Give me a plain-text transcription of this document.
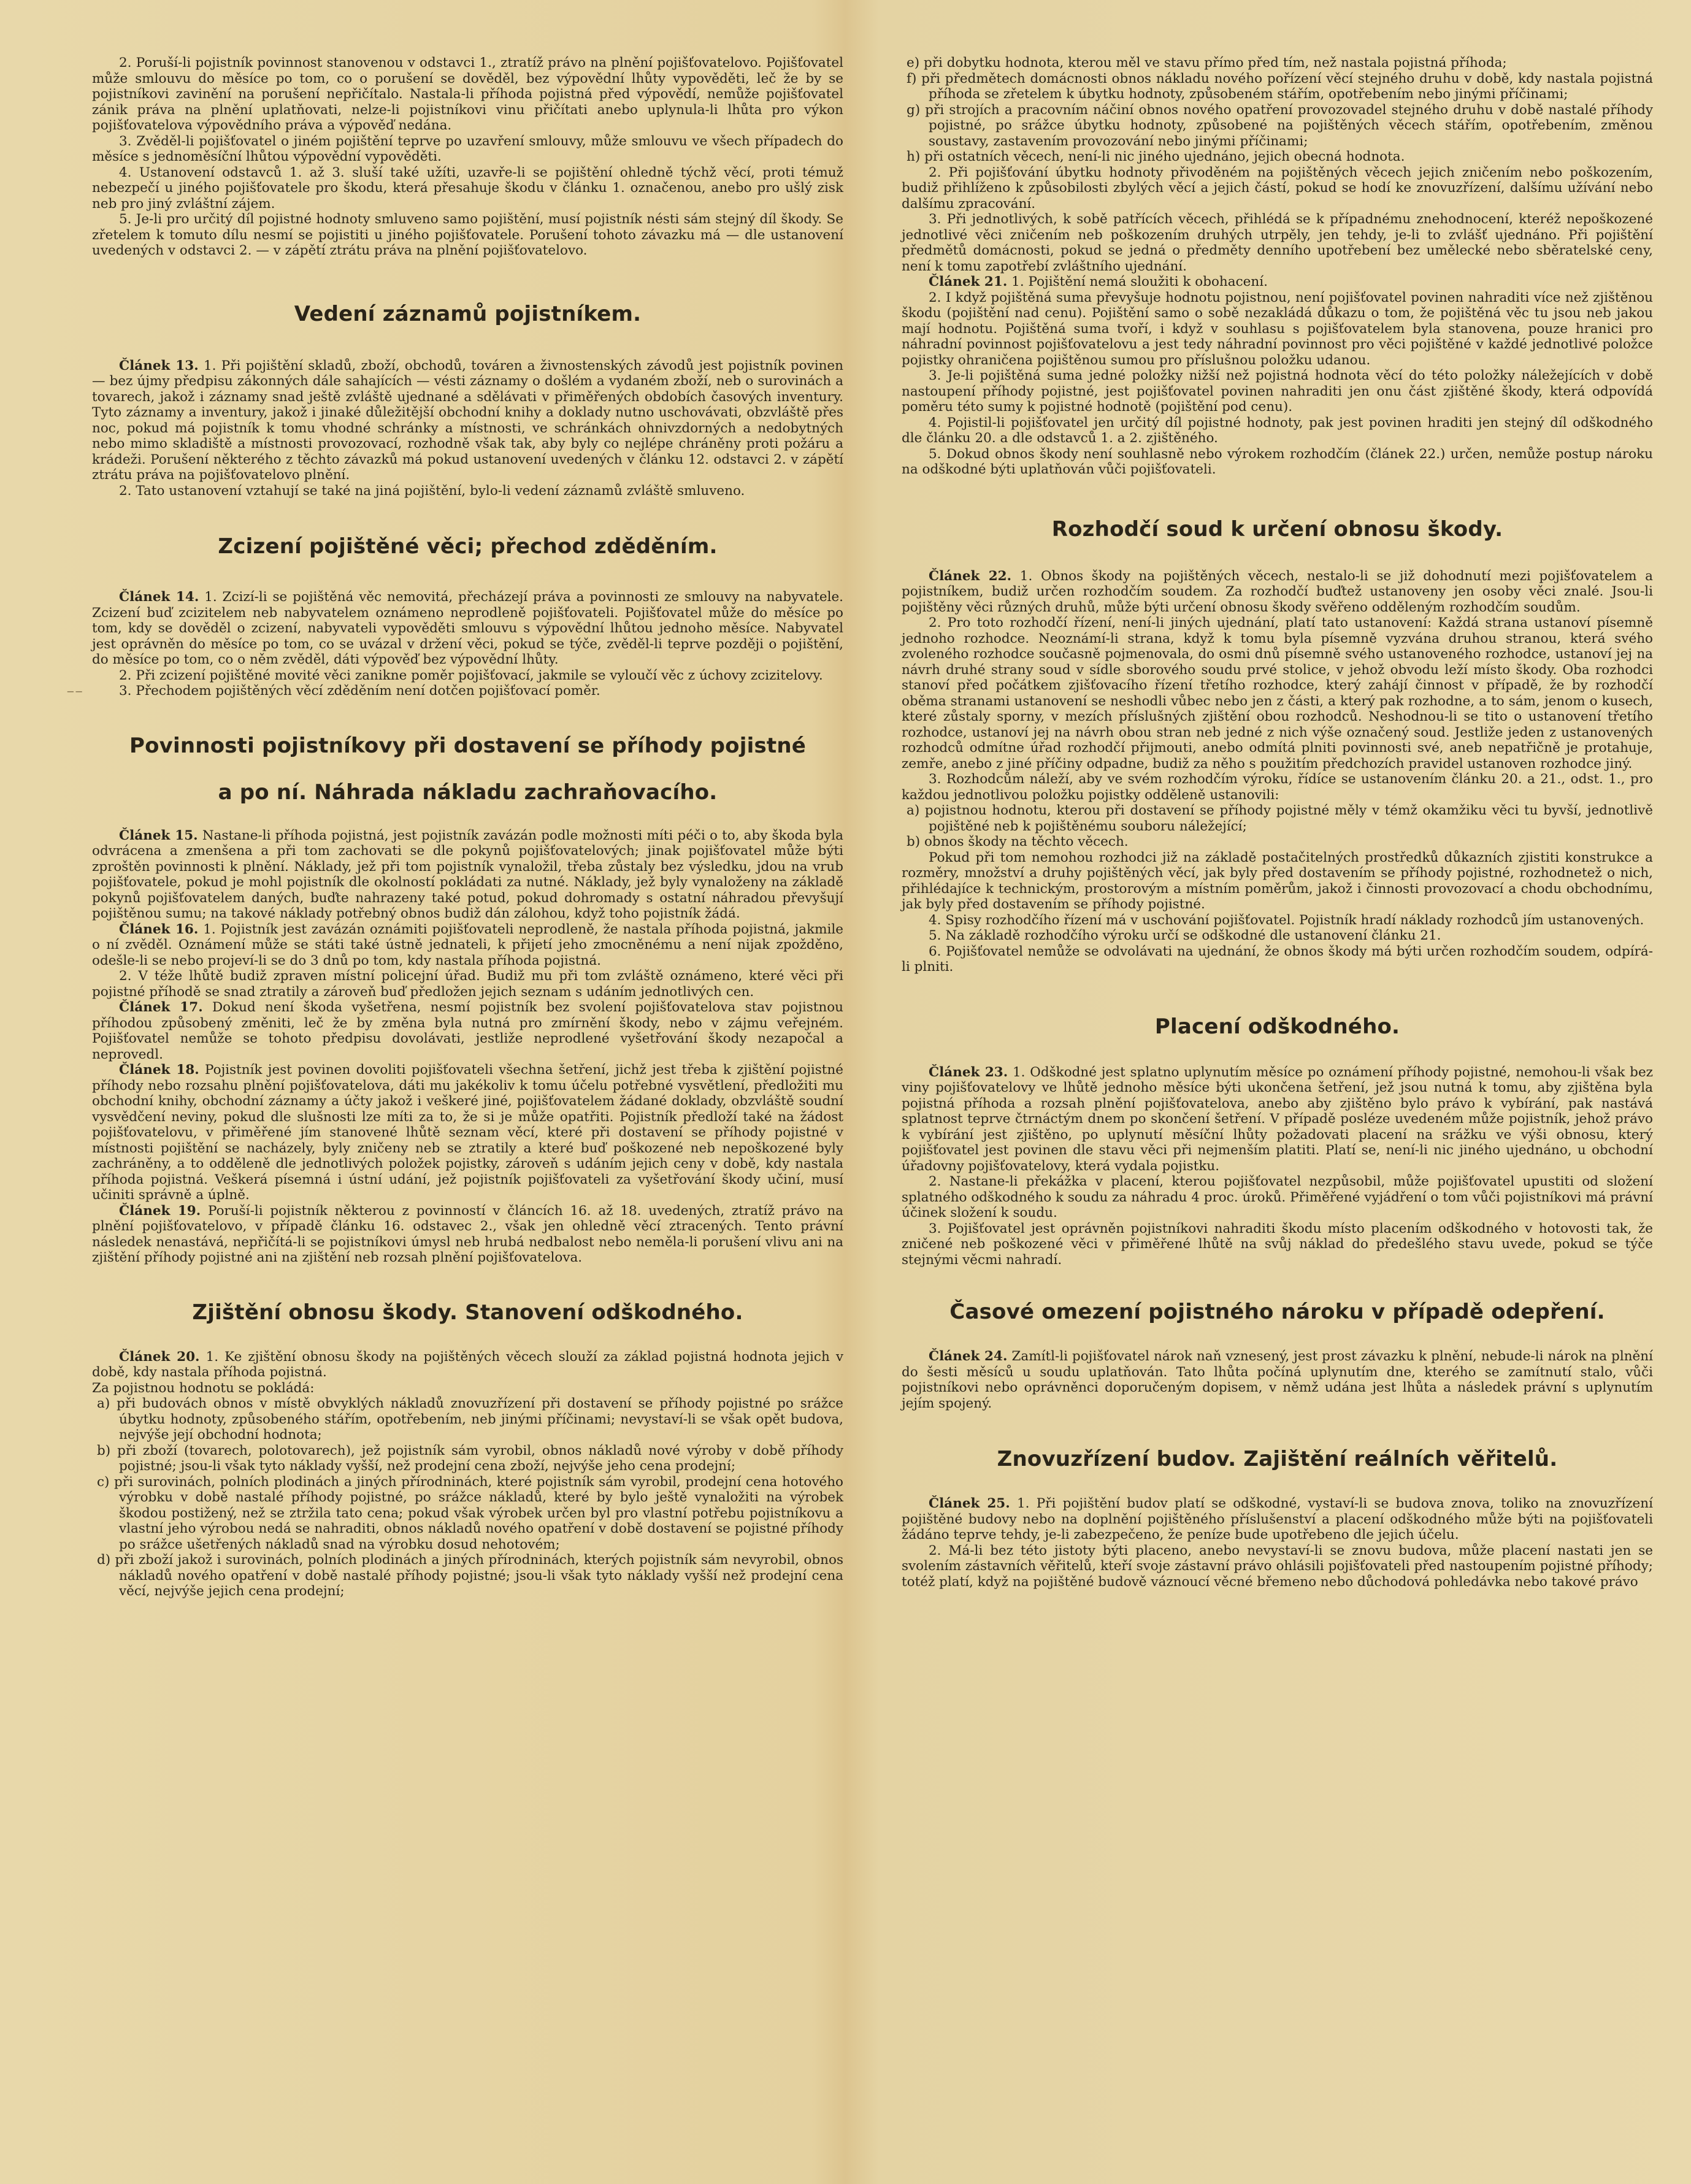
2. Poruší-li pojistník povinnost stanovenou v odstavci 1., ztratíž právo na plnění pojišťovatelovo. Pojišťovatel může smlouvu do měsíce po tom, co o porušení se dověděl, bez výpovědní lhůty vypověděti, leč že by se pojistníkovi zavinění na porušení nepřičítalo. Nastala-li příhoda pojistná před výpovědí, nemůže pojišťovatel zánik práva na plnění uplatňovati, nelze-li pojistníkovi vinu přičítati anebo uplynula-li lhůta pro výkon pojišťovatelova výpovědního práva a výpověď nedána.

3. Zvěděl-li pojišťovatel o jiném pojištění teprve po uzavření smlouvy, může smlouvu ve všech případech do měsíce s jednoměsíční lhůtou výpovědní vypověděti.

4. Ustanovení odstavců 1. až 3. sluší také užíti, uzavře-li se pojištění ohledně týchž věcí, proti témuž nebezpečí u jiného pojišťovatele pro škodu, která přesahuje škodu v článku 1. označenou, anebo pro ušlý zisk neb pro jiný zvláštní zájem.

5. Je-li pro určitý díl pojistné hodnoty smluveno samo pojištění, musí pojistník nésti sám stejný díl škody. Se zřetelem k tomuto dílu nesmí se pojistiti u jiného pojišťovatele. Porušení tohoto závazku má — dle ustanovení uvedených v odstavci 2. — v zápětí ztrátu práva na plnění pojišťovatelovo.

Vedení záznamů pojistníkem.

Článek 13. 1. Při pojištění skladů, zboží, obchodů, továren a živnostenských závodů jest pojistník povinen — bez újmy předpisu zákonných dále sahajících — vésti záznamy o došlém a vydaném zboží, neb o surovinách a tovarech, jakož i záznamy snad ještě zvláště ujednané a sdělávati v přiměřených obdobích časových inventury. Tyto záznamy a inventury, jakož i jinaké důležitější obchodní knihy a doklady nutno uschovávati, obzvláště přes noc, pokud má pojistník k tomu vhodné schránky a místnosti, ve schránkách ohnivzdorných a nedobytných nebo mimo skladiště a místnosti provozovací, rozhodně však tak, aby byly co nejlépe chráněny proti požáru a krádeži. Porušení některého z těchto závazků má pokud ustanovení uvedených v článku 12. odstavci 2. v zápětí ztrátu práva na pojišťovatelovo plnění.

2. Tato ustanovení vztahují se také na jiná pojištění, bylo-li vedení záznamů zvláště smluveno.

Zcizení pojištěné věci; přechod zděděním.

Článek 14. 1. Zcizí-li se pojištěná věc nemovitá, přecházejí práva a povinnosti ze smlouvy na nabyvatele. Zcizení buď zcizitelem neb nabyvatelem oznámeno neprodleně pojišťovateli. Pojišťovatel může do měsíce po tom, kdy se dověděl o zcizení, nabyvateli vypověděti smlouvu s výpovědní lhůtou jednoho měsíce. Nabyvatel jest oprávněn do měsíce po tom, co se uvázal v držení věci, pokud se týče, zvěděl-li teprve později o pojištění, do měsíce po tom, co o něm zvěděl, dáti výpověď bez výpovědní lhůty.

2. Při zcizení pojištěné movité věci zanikne poměr pojišťovací, jakmile se vyloučí věc z úchovy zcizitelovy.

3. Přechodem pojištěných věcí zděděním není dotčen pojišťovací poměr.

Povinnosti pojistníkovy při dostavení se příhody pojistné
a po ní. Náhrada nákladu zachraňovacího.

Článek 15. Nastane-li příhoda pojistná, jest pojistník zavázán podle možnosti míti péči o to, aby škoda byla odvrácena a zmenšena a při tom zachovati se dle pokynů pojišťovatelových; jinak pojišťovatel může býti zproštěn povinnosti k plnění. Náklady, jež při tom pojistník vynaložil, třeba zůstaly bez výsledku, jdou na vrub pojišťovatele, pokud je mohl pojistník dle okolností pokládati za nutné. Náklady, jež byly vynaloženy na základě pokynů pojišťovatelem daných, buďte nahrazeny také potud, pokud dohromady s ostatní náhradou převyšují pojištěnou sumu; na takové náklady potřebný obnos budiž dán zálohou, když toho pojistník žádá.

Článek 16. 1. Pojistník jest zavázán oznámiti pojišťovateli neprodleně, že nastala příhoda pojistná, jakmile o ní zvěděl. Oznámení může se státi také ústně jednateli, k přijetí jeho zmocněnému a není nijak zpožděno, odešle-li se nebo projeví-li se do 3 dnů po tom, kdy nastala příhoda pojistná.

2. V téže lhůtě budiž zpraven místní policejní úřad. Budiž mu při tom zvláště oznámeno, které věci při pojistné příhodě se snad ztratily a zároveň buď předložen jejich seznam s udáním jednotlivých cen.

Článek 17. Dokud není škoda vyšetřena, nesmí pojistník bez svolení pojišťovatelova stav pojistnou příhodou způsobený změniti, leč že by změna byla nutná pro zmírnění škody, nebo v zájmu veřejném. Pojišťovatel nemůže se tohoto předpisu dovolávati, jestliže neprodlené vyšetřování škody nezapočal a neprovedl.

Článek 18. Pojistník jest povinen dovoliti pojišťovateli všechna šetření, jichž jest třeba k zjištění pojistné příhody nebo rozsahu plnění pojišťovatelova, dáti mu jakékoliv k tomu účelu potřebné vysvětlení, předložiti mu obchodní knihy, obchodní záznamy a účty jakož i veškeré jiné, pojišťovatelem žádané doklady, obzvláště soudní vysvědčení neviny, pokud dle slušnosti lze míti za to, že si je může opatřiti. Pojistník předloží také na žádost pojišťovatelovu, v přiměřené jím stanovené lhůtě seznam věcí, které při dostavení se příhody pojistné v místnosti pojištění se nacházely, byly zničeny neb se ztratily a které buď poškozené neb nepoškozené byly zachráněny, a to odděleně dle jednotlivých položek pojistky, zároveň s udáním jejich ceny v době, kdy nastala příhoda pojistná. Veškerá písemná i ústní udání, jež pojistník pojišťovateli za vyšetřování škody učiní, musí učiniti správně a úplně.

Článek 19. Poruší-li pojistník některou z povinností v článcích 16. až 18. uvedených, ztratíž právo na plnění pojišťovatelovo, v případě článku 16. odstavec 2., však jen ohledně věcí ztracených. Tento právní následek nenastává, nepřičítá-li se pojistníkovi úmysl neb hrubá nedbalost nebo neměla-li porušení vlivu ani na zjištění příhody pojistné ani na zjištění neb rozsah plnění pojišťovatelova.

Zjištění obnosu škody. Stanovení odškodného.

Článek 20. 1. Ke zjištění obnosu škody na pojištěných věcech slouží za základ pojistná hodnota jejich v době, kdy nastala příhoda pojistná.

Za pojistnou hodnotu se pokládá:

a) při budovách obnos v místě obvyklých nákladů znovuzřízení při dostavení se příhody pojistné po srážce úbytku hodnoty, způsobeného stářím, opotřebením, neb jinými příčinami; nevystaví-li se však opět budova, nejvýše její obchodní hodnota;

b) při zboží (tovarech, polotovarech), jež pojistník sám vyrobil, obnos nákladů nové výroby v době příhody pojistné; jsou-li však tyto náklady vyšší, než prodejní cena zboží, nejvýše jeho cena prodejní;

c) při surovinách, polních plodinách a jiných přírodninách, které pojistník sám vyrobil, prodejní cena hotového výrobku v době nastalé příhody pojistné, po srážce nákladů, které by bylo ještě vynaložiti na výrobek škodou postižený, než se ztržila tato cena; pokud však výrobek určen byl pro vlastní potřebu pojistníkovu a vlastní jeho výrobou nedá se nahraditi, obnos nákladů nového opatření v době dostavení se pojistné příhody po srážce ušetřených nákladů snad na výrobku dosud nehotovém;

d) při zboží jakož i surovinách, polních plodinách a jiných přírodninách, kterých pojistník sám nevyrobil, obnos nákladů nového opatření v době nastalé příhody pojistné; jsou-li však tyto náklady vyšší než prodejní cena věcí, nejvýše jejich cena prodejní;

⁻⁻

e) při dobytku hodnota, kterou měl ve stavu přímo před tím, než nastala pojistná příhoda;

f) při předmětech domácnosti obnos nákladu nového pořízení věcí stejného druhu v době, kdy nastala pojistná příhoda se zřetelem k úbytku hodnoty, způsobeném stářím, opotřebením nebo jinými příčinami;

g) při strojích a pracovním náčiní obnos nového opatření provozovadel stejného druhu v době nastalé příhody pojistné, po srážce úbytku hodnoty, způsobené na pojištěných věcech stářím, opotřebením, změnou soustavy, zastavením provozování nebo jinými příčinami;

h) při ostatních věcech, není-li nic jiného ujednáno, jejich obecná hodnota.

2. Při pojišťování úbytku hodnoty přivoděném na pojištěných věcech jejich zničením nebo poškozením, budiž přihlíženo k způsobilosti zbylých věcí a jejich částí, pokud se hodí ke znovuzřízení, dalšímu užívání nebo dalšímu zpracování.

3. Při jednotlivých, k sobě patřících věcech, přihlédá se k případnému znehodnocení, kteréž nepoškozené jednotlivé věci zničením neb poškozením druhých utrpěly, jen tehdy, je-li to zvlášť ujednáno. Při pojištění předmětů domácnosti, pokud se jedná o předměty denního upotřebení bez umělecké nebo sběratelské ceny, není k tomu zapotřebí zvláštního ujednání.

Článek 21. 1. Pojištění nemá sloužiti k obohacení.

2. I když pojištěná suma převyšuje hodnotu pojistnou, není pojišťovatel povinen nahraditi více než zjištěnou škodu (pojištění nad cenu). Pojištění samo o sobě nezakládá důkazu o tom, že pojištěná věc tu jsou neb jakou mají hodnotu. Pojištěná suma tvoří, i když v souhlasu s pojišťovatelem byla stanovena, pouze hranici pro náhradní povinnost pojišťovatelovu a jest tedy náhradní povinnost pro věci pojištěné v každé jednotlivé položce pojistky ohraničena pojištěnou sumou pro příslušnou položku udanou.

3. Je-li pojištěná suma jedné položky nižší než pojistná hodnota věcí do této položky náležejících v době nastoupení příhody pojistné, jest pojišťovatel povinen nahraditi jen onu část zjištěné škody, která odpovídá poměru této sumy k pojistné hodnotě (pojištění pod cenu).

4. Pojistil-li pojišťovatel jen určitý díl pojistné hodnoty, pak jest povinen hraditi jen stejný díl odškodného dle článku 20. a dle odstavců 1. a 2. zjištěného.

5. Dokud obnos škody není souhlasně nebo výrokem rozhodčím (článek 22.) určen, nemůže postup nároku na odškodné býti uplatňován vůči pojišťovateli.

Rozhodčí soud k určení obnosu škody.

Článek 22. 1. Obnos škody na pojištěných věcech, nestalo-li se již dohodnutí mezi pojišťovatelem a pojistníkem, budiž určen rozhodčím soudem. Za rozhodčí buďtež ustanoveny jen osoby věci znalé. Jsou-li pojištěny věci různých druhů, může býti určení obnosu škody svěřeno odděleným rozhodčím soudům.

2. Pro toto rozhodčí řízení, není-li jiných ujednání, platí tato ustanovení: Každá strana ustanoví písemně jednoho rozhodce. Neoznámí-li strana, když k tomu byla písemně vyzvána druhou stranou, která svého zvoleného rozhodce současně pojmenovala, do osmi dnů písemně svého ustanoveného rozhodce, ustanoví jej na návrh druhé strany soud v sídle sborového soudu prvé stolice, v jehož obvodu leží místo škody. Oba rozhodci stanoví před počátkem zjišťovacího řízení třetího rozhodce, který zahájí činnost v případě, že by rozhodčí oběma stranami ustanovení se neshodli vůbec nebo jen z části, a který pak rozhodne, a to sám, jenom o kusech, které zůstaly sporny, v mezích příslušných zjištění obou rozhodců. Neshodnou-li se tito o ustanovení třetího rozhodce, ustanoví jej na návrh obou stran neb jedné z nich výše označený soud. Jestliže jeden z ustanovených rozhodců odmítne úřad rozhodčí přijmouti, anebo odmítá plniti povinnosti své, aneb nepatřičně je protahuje, zemře, anebo z jiné příčiny odpadne, budiž za něho s použitím předchozích pravidel ustanoven rozhodce jiný.

3. Rozhodcům náleží, aby ve svém rozhodčím výroku, řídíce se ustanovením článku 20. a 21., odst. 1., pro každou jednotlivou položku pojistky odděleně ustanovili:

a) pojistnou hodnotu, kterou při dostavení se příhody pojistné měly v témž okamžiku věci tu byvší, jednotlivě pojištěné neb k pojištěnému souboru náležející;

b) obnos škody na těchto věcech.

Pokud při tom nemohou rozhodci již na základě postačitelných prostředků důkazních zjistiti konstrukce a rozměry, množství a druhy pojištěných věcí, jak byly před dostavením se příhody pojistné, rozhodnetež o nich, přihlédajíce k technickým, prostorovým a místním poměrům, jakož i činnosti provozovací a chodu obchodnímu, jak byly před dostavením se příhody pojistné.

4. Spisy rozhodčího řízení má v uschování pojišťovatel. Pojistník hradí náklady rozhodců jím ustanovených.

5. Na základě rozhodčího výroku určí se odškodné dle ustanovení článku 21.

6. Pojišťovatel nemůže se odvolávati na ujednání, že obnos škody má býti určen rozhodčím soudem, odpírá-li plniti.

Placení odškodného.

Článek 23. 1. Odškodné jest splatno uplynutím měsíce po oznámení příhody pojistné, nemohou-li však bez viny pojišťovatelovy ve lhůtě jednoho měsíce býti ukončena šetření, jež jsou nutná k tomu, aby zjištěna byla pojistná příhoda a rozsah plnění pojišťovatelova, anebo aby zjištěno bylo právo k vybírání, pak nastává splatnost teprve čtrnáctým dnem po skončení šetření. V případě posléze uvedeném může pojistník, jehož právo k vybírání jest zjištěno, po uplynutí měsíční lhůty požadovati placení na srážku ve výši obnosu, který pojišťovatel jest povinen dle stavu věci při nejmenším platiti. Platí se, není-li nic jiného ujednáno, u obchodní úřadovny pojišťovatelovy, která vydala pojistku.

2. Nastane-li překážka v placení, kterou pojišťovatel nezpůsobil, může pojišťovatel upustiti od složení splatného odškodného k soudu za náhradu 4 proc. úroků. Přiměřené vyjádření o tom vůči pojistníkovi má právní účinek složení k soudu.

3. Pojišťovatel jest oprávněn pojistníkovi nahraditi škodu místo placením odškodného v hotovosti tak, že zničené neb poškozené věci v přiměřené lhůtě na svůj náklad do předešlého stavu uvede, pokud se týče stejnými věcmi nahradí.

Časové omezení pojistného nároku v případě odepření.

Článek 24. Zamítl-li pojišťovatel nárok naň vznesený, jest prost závazku k plnění, nebude-li nárok na plnění do šesti měsíců u soudu uplatňován. Tato lhůta počíná uplynutím dne, kterého se zamítnutí stalo, vůči pojistníkovi nebo oprávněnci doporučeným dopisem, v němž udána jest lhůta a následek právní s uplynutím jejím spojený.

Znovuzřízení budov. Zajištění reálních věřitelů.

Článek 25. 1. Při pojištění budov platí se odškodné, vystaví-li se budova znova, toliko na znovuzřízení pojištěné budovy nebo na doplnění pojištěného příslušenství a placení odškodného může býti na pojišťovateli žádáno teprve tehdy, je-li zabezpečeno, že peníze bude upotřebeno dle jejich účelu.

2. Má-li bez této jistoty býti placeno, anebo nevystaví-li se znovu budova, může placení nastati jen se svolením zástavních věřitelů, kteří svoje zástavní právo ohlásili pojišťovateli před nastoupením pojistné příhody; totéž platí, když na pojištěné budově váznoucí věcné břemeno nebo důchodová pohledávka nebo takové právo
